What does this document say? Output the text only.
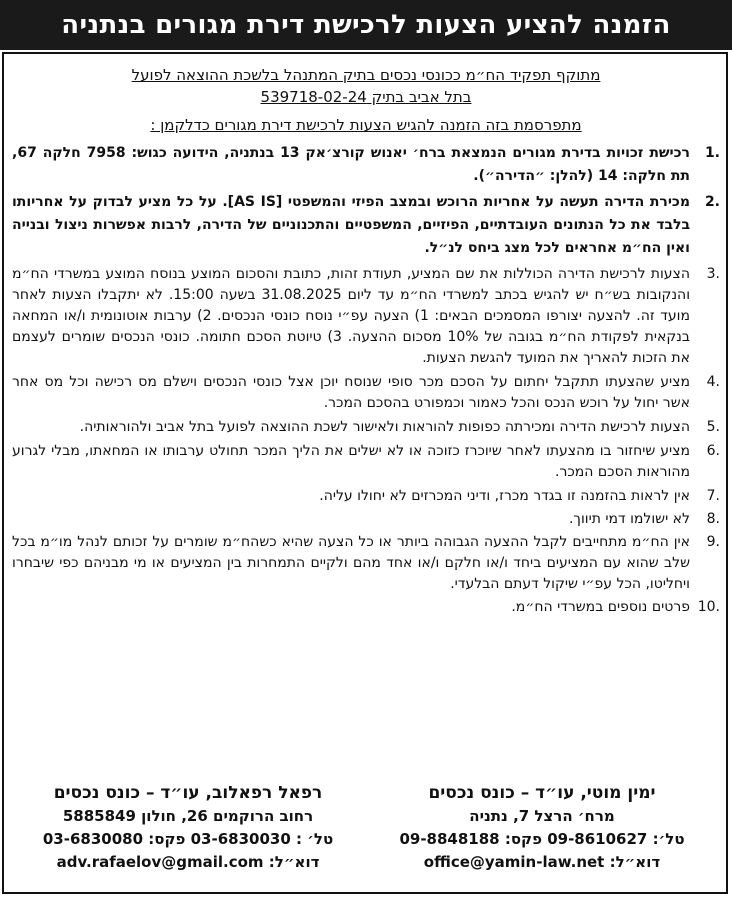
הזמנה להציע הצעות לרכישת דירת מגורים בנתניה
מתוקף תפקיד הח״מ ככונסי נכסים בתיק המתנהל בלשכת ההוצאה לפועל
בתל אביב בתיק 539718-02-24
מתפרסמת בזה הזמנה להגיש הצעות לרכישת דירת מגורים כדלקמן :
1.
רכישת זכויות בדירת מגורים הנמצאת ברח׳ יאנוש קורצ׳אק 13 בנתניה, הידועה כגוש: 7958 חלקה 67, תת חלקה: 14 (להלן: ״הדירה״).
2.
מכירת הדירה תעשה על אחריות הרוכש ובמצב הפיזי והמשפטי [AS IS]. על כל מציע לבדוק על אחריותו בלבד את כל הנתונים העובדתיים, הפיזיים, המשפטיים והתכנוניים של הדירה, לרבות אפשרות ניצול ובנייה ואין הח״מ אחראים לכל מצג ביחס לנ״ל.
3.
הצעות לרכישת הדירה הכוללות את שם המציע, תעודת זהות, כתובת והסכום המוצע בנוסח המוצע במשרדי הח״מ והנקובות בש״ח יש להגיש בכתב למשרדי הח״מ עד ליום 31.08.2025 בשעה 15:00. לא יתקבלו הצעות לאחר מועד זה. להצעה יצורפו המסמכים הבאים: 1) הצעה עפ״י נוסח כונסי הנכסים. 2) ערבות אוטונומית ו/או המחאה בנקאית לפקודת הח״מ בגובה של 10% מסכום ההצעה. 3) טיוטת הסכם חתומה. כונסי הנכסים שומרים לעצמם את הזכות להאריך את המועד להגשת הצעות.
4.
מציע שהצעתו תתקבל יחתום על הסכם מכר סופי שנוסח יוכן אצל כונסי הנכסים וישלם מס רכישה וכל מס אחר אשר יחול על רוכש הנכס והכל כאמור וכמפורט בהסכם המכר.
5.
הצעות לרכישת הדירה ומכירתה כפופות להוראות ולאישור לשכת ההוצאה לפועל בתל אביב ולהוראותיה.
6.
מציע שיחזור בו מהצעתו לאחר שיוכרז כזוכה או לא ישלים את הליך המכר תחולט ערבותו או המחאתו, מבלי לגרוע מהוראות הסכם המכר.
7.
אין לראות בהזמנה זו בגדר מכרז, ודיני המכרזים לא יחולו עליה.
8.
לא ישולמו דמי תיווך.
9.
אין הח״מ מתחייבים לקבל ההצעה הגבוהה ביותר או כל הצעה שהיא כשהח״מ שומרים על זכותם לנהל מו״מ בכל שלב שהוא עם המציעים ביחד ו/או חלקם ו/או אחד מהם ולקיים התמחרות בין המציעים או מי מבניהם כפי שיבחרו ויחליטו, הכל עפ״י שיקול דעתם הבלעדי.
10.
פרטים נוספים במשרדי הח״מ.
ימין מוטי, עו״ד – כונס נכסים
מרח׳ הרצל 7, נתניה
טל׳: 09-8610627 פקס: 09-8848188
דוא״ל: office@yamin-law.net
רפאל רפאלוב, עו״ד – כונס נכסים
רחוב הרוקמים 26, חולון 5885849
טל׳ : 03-6830030 פקס: 03-6830080
דוא״ל: adv.rafaelov@gmail.com
